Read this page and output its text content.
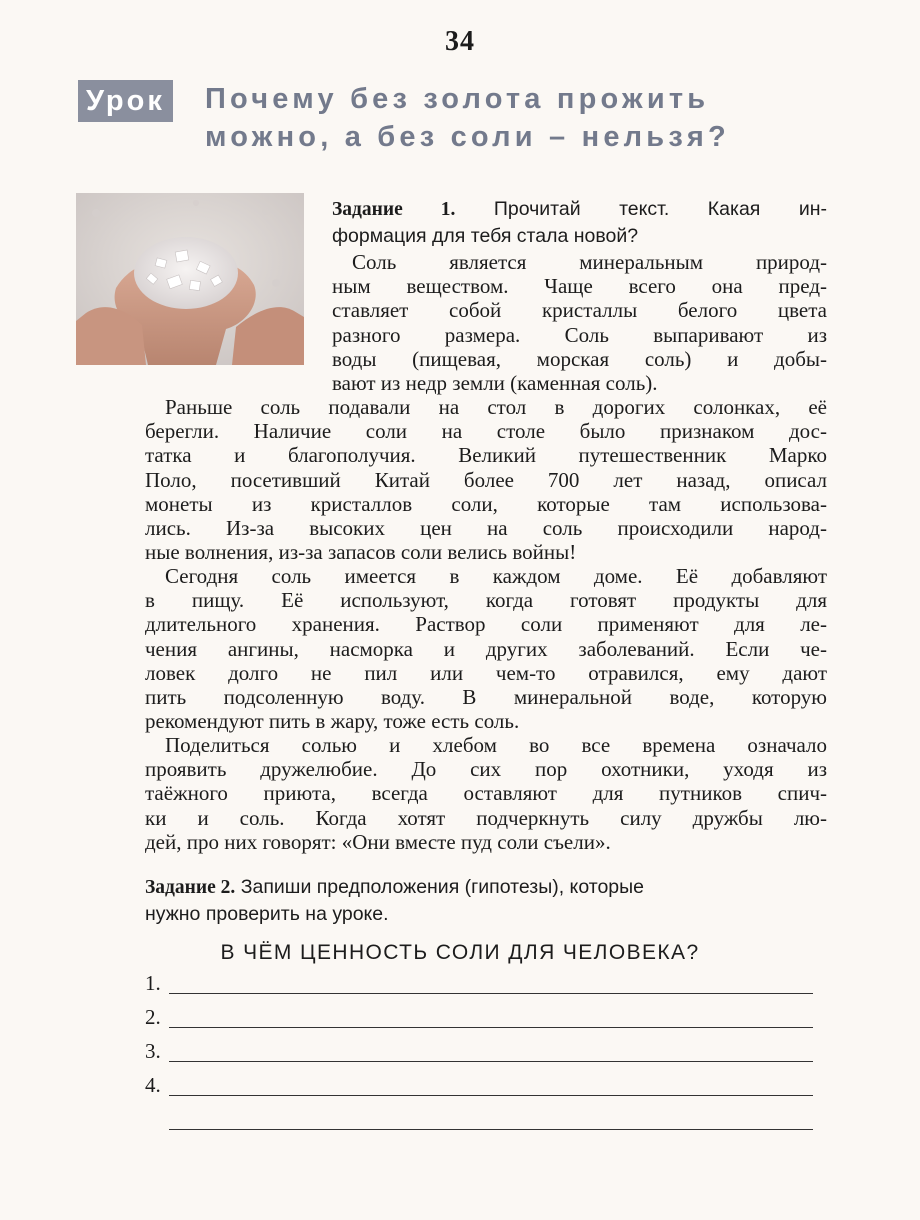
34
Урок Почему без золота прожить
можно, а без соли – нельзя?
Задание 1. Прочитай текст. Какая ин-
формация для тебя стала новой?
Соль является минеральным природ-
ным веществом. Чаще всего она пред-
ставляет собой кристаллы белого цвета
разного размера. Соль выпаривают из
воды (пищевая, морская соль) и добы-
вают из недр земли (каменная соль).
Раньше соль подавали на стол в дорогих солонках, её
берегли. Наличие соли на столе было признаком дос-
татка и благополучия. Великий путешественник Марко
Поло, посетивший Китай более 700 лет назад, описал
монеты из кристаллов соли, которые там использова-
лись. Из-за высоких цен на соль происходили народ-
ные волнения, из-за запасов соли велись войны!
Сегодня соль имеется в каждом доме. Её добавляют
в пищу. Её используют, когда готовят продукты для
длительного хранения. Раствор соли применяют для ле-
чения ангины, насморка и других заболеваний. Если че-
ловек долго не пил или чем-то отравился, ему дают
пить подсоленную воду. В минеральной воде, которую
рекомендуют пить в жару, тоже есть соль.
Поделиться солью и хлебом во все времена означало
проявить дружелюбие. До сих пор охотники, уходя из
таёжного приюта, всегда оставляют для путников спич-
ки и соль. Когда хотят подчеркнуть силу дружбы лю-
дей, про них говорят: «Они вместе пуд соли съели».
Задание 2. Запиши предположения (гипотезы), которые
нужно проверить на уроке.
В ЧЁМ ЦЕННОСТЬ СОЛИ ДЛЯ ЧЕЛОВЕКА?
1.
2.
3.
4.
